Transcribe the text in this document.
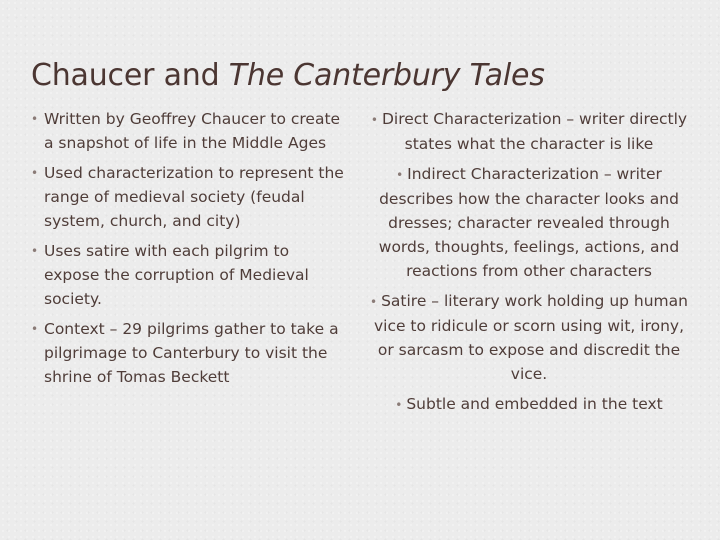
Chaucer and The Canterbury Tales
• Written by Geoffrey Chaucer to create a snapshot of life in the Middle Ages
• Used characterization to represent the range of medieval society (feudal system, church, and city)
• Uses satire with each pilgrim to expose the corruption of Medieval society.
• Context – 29 pilgrims gather to take a pilgrimage to Canterbury to visit the shrine of Tomas Beckett
• Direct Characterization – writer directly states what the character is like
• Indirect Characterization – writer describes how the character looks and dresses; character revealed through words, thoughts, feelings, actions, and reactions from other characters
• Satire – literary work holding up human vice to ridicule or scorn using wit, irony, or sarcasm to expose and discredit the vice.
• Subtle and embedded in the text
